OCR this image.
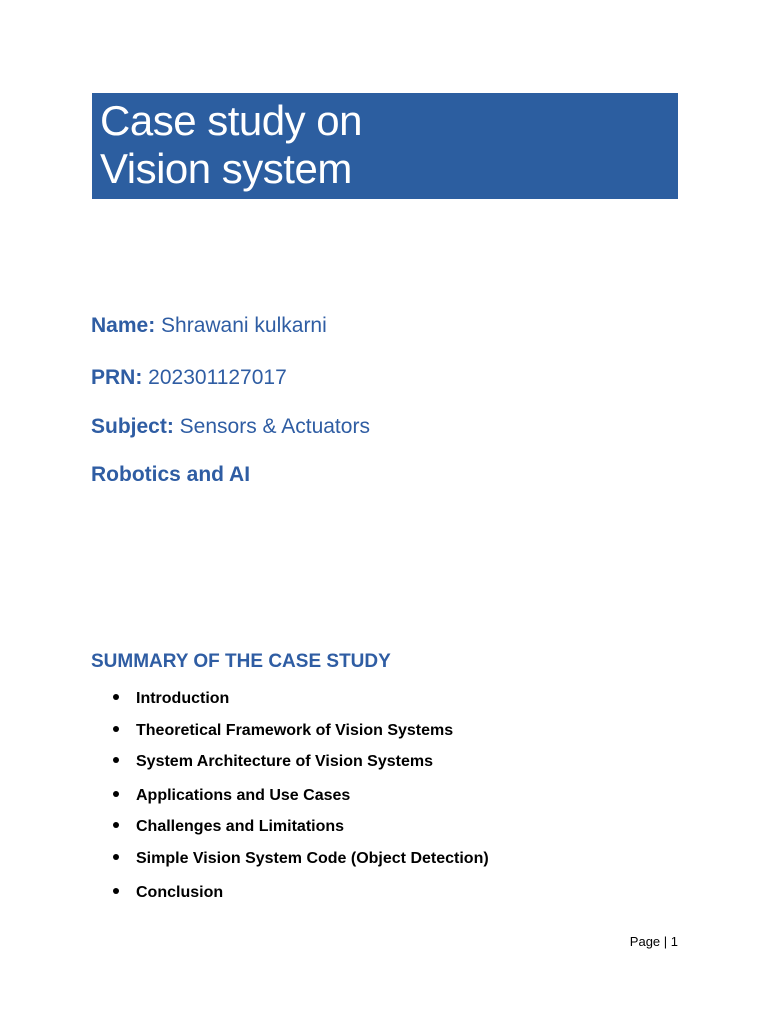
Case study on
Vision system
Name: Shrawani kulkarni
PRN: 202301127017
Subject: Sensors & Actuators
Robotics and AI
SUMMARY OF THE CASE STUDY
Introduction
Theoretical Framework of Vision Systems
System Architecture of Vision Systems
Applications and Use Cases
Challenges and Limitations
Simple Vision System Code (Object Detection)
Conclusion
Page | 1
